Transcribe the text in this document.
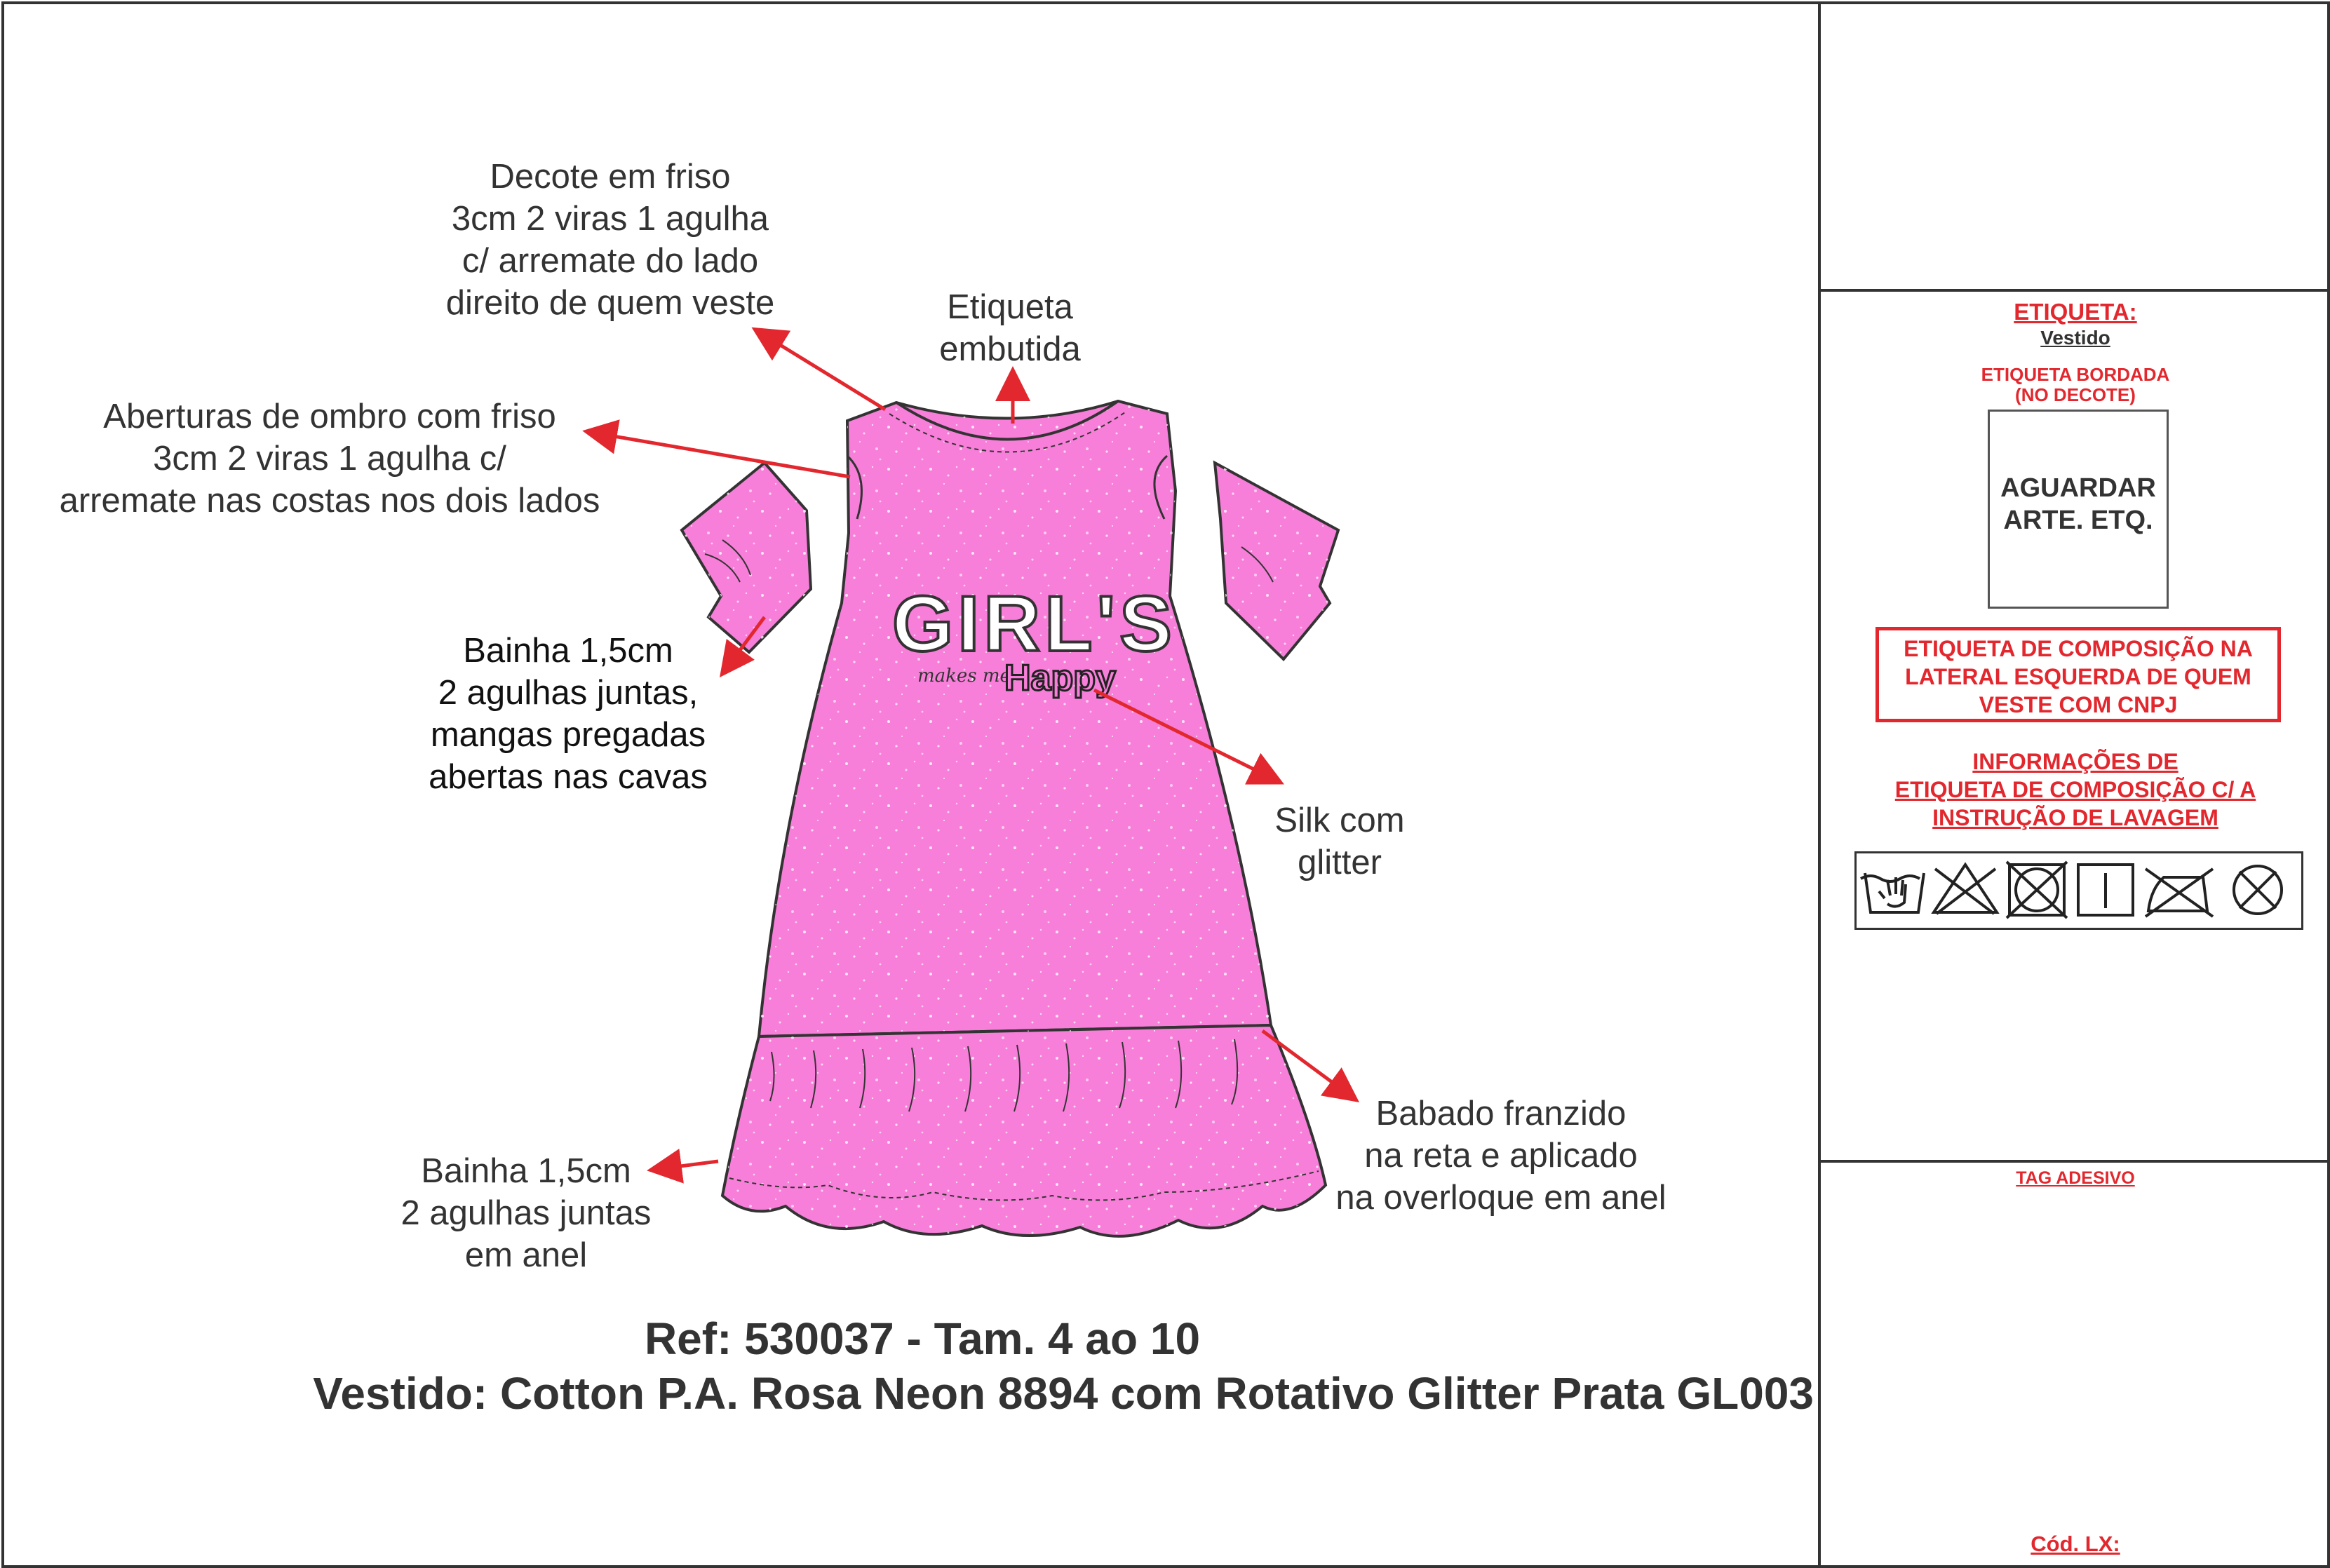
GIRL'S
makes me
Happy
Decote em friso
3cm 2 viras 1 agulha
c/ arremate do lado
direito de quem veste	Etiqueta
embutida
Aberturas de ombro com friso
3cm 2 viras 1 agulha c/
arremate nas costas nos dois lados
Bainha 1,5cm
2 agulhas juntas,
mangas pregadas
abertas nas cavas
Silk com
glitter
Babado franzido
na reta e aplicado
na overloque em anel
Bainha 1,5cm
2 agulhas juntas
em anel
Ref: 530037 - Tam. 4 ao 10
Vestido: Cotton P.A. Rosa Neon 8894 com Rotativo Glitter Prata GL003
ETIQUETA:
Vestido
ETIQUETA BORDADA
(NO DECOTE)
AGUARDAR
ARTE. ETQ.
ETIQUETA DE COMPOSIÇÃO NA
LATERAL ESQUERDA DE QUEM
VESTE COM CNPJ
INFORMAÇÕES DE
ETIQUETA DE COMPOSIÇÃO C/ A
INSTRUÇÃO DE LAVAGEM
TAG ADESIVO
Cód. LX:
